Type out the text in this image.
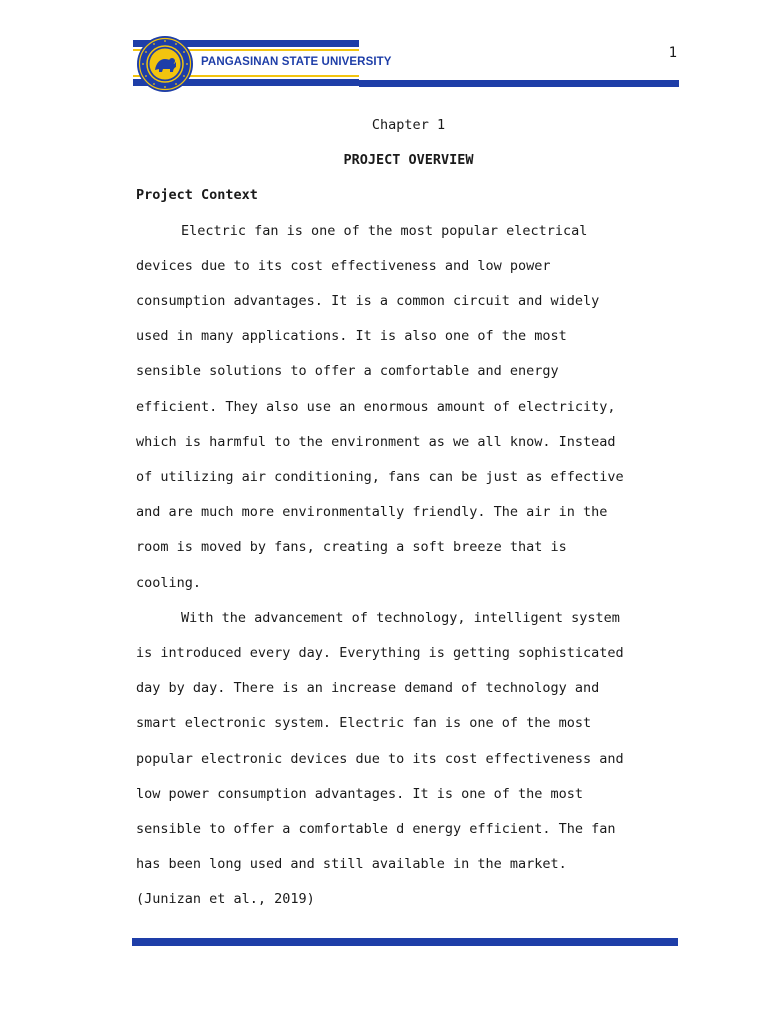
PANGASINAN STATE UNIVERSITY
1

Chapter 1

PROJECT OVERVIEW

Project Context

Electric fan is one of the most popular electrical
devices due to its cost effectiveness and low power
consumption advantages. It is a common circuit and widely
used in many applications. It is also one of the most
sensible solutions to offer a comfortable and energy
efficient. They also use an enormous amount of electricity,
which is harmful to the environment as we all know. Instead
of utilizing air conditioning, fans can be just as effective
and are much more environmentally friendly. The air in the
room is moved by fans, creating a soft breeze that is
cooling.

With the advancement of technology, intelligent system
is introduced every day. Everything is getting sophisticated
day by day. There is an increase demand of technology and
smart electronic system. Electric fan is one of the most
popular electronic devices due to its cost effectiveness and
low power consumption advantages. It is one of the most
sensible to offer a comfortable d energy efficient. The fan
has been long used and still available in the market.
(Junizan et al., 2019)
